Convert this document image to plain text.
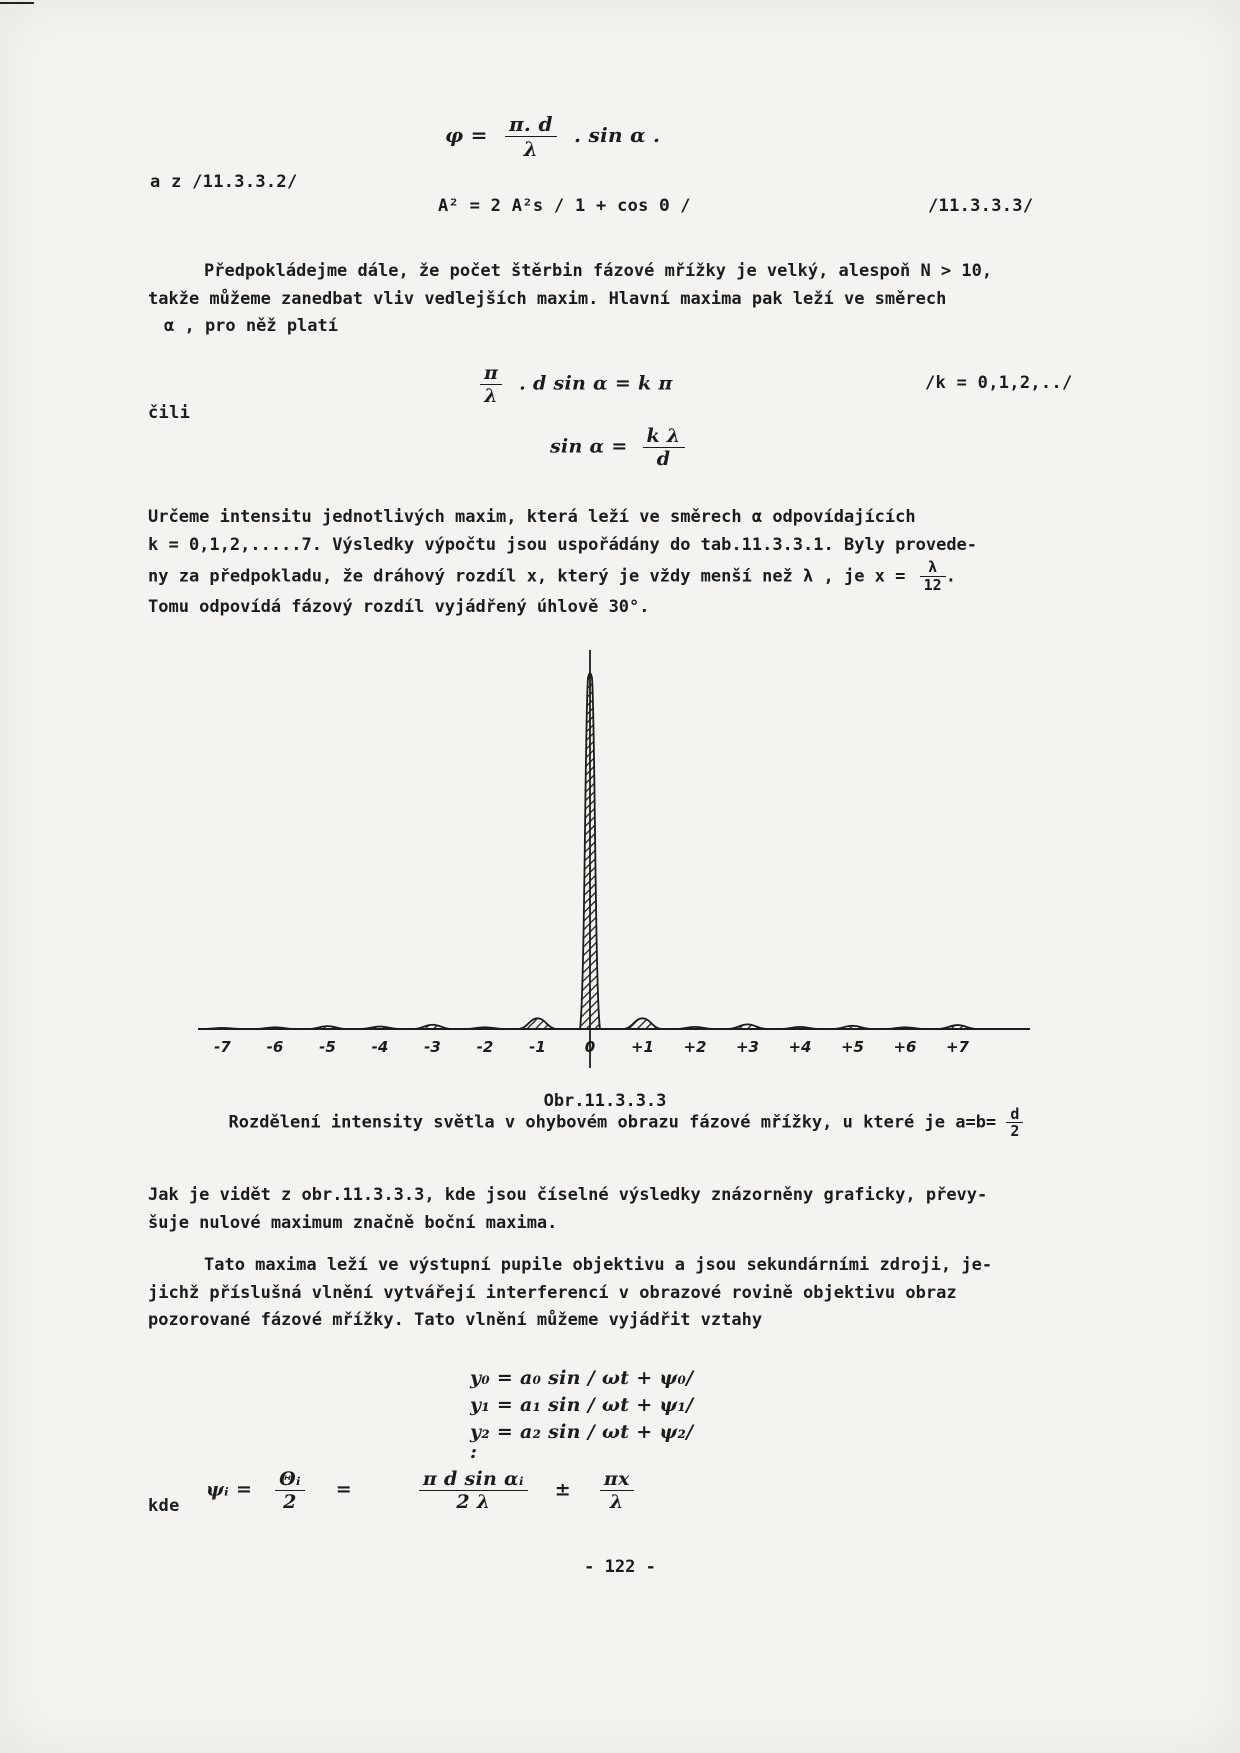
$\varphi = \frac{\pi. d}{\lambda}$ . sin α .
a z /11.3.3.2/
A² = 2 A²s / 1 + cos Θ /	/11.3.3.3/
Předpokládejme dále, že počet štěrbin fázové mřížky je velký, alespoň N > 10,
takže můžeme zanedbat vliv vedlejších maxim. Hlavní maxima pak leží ve směrech
α , pro něž platí
$\frac{\pi}{\lambda}$ . d sin α = k π	/k = 0,1,2,../
čili
$\sin \alpha = \frac{\text{k λ}}{d}$
Určeme intensitu jednotlivých maxim, která leží ve směrech α odpovídajících
k = 0,1,2,.....7. Výsledky výpočtu jsou uspořádány do tab.11.3.3.1. Byly provede-
ny za předpokladu, že dráhový rozdíl x, který je vždy menší než λ , je $x = \frac{\lambda}{12}$ .
Tomu odpovídá fázový rozdíl vyjádřený úhlově 30°.
-7 -6 -5 -4 -3 -2 -1	0 +1 +2 +3 +4 +5 +6 +7
Obr.11.3.3.3
Rozdělení intensity světla v ohybovém obrazu fázové mřížky, u které je $a=b= \frac{d}{2}$
Jak je vidět z obr.11.3.3.3, kde jsou číselné výsledky znázorněny graficky, převy-
šuje nulové maximum značně boční maxima.
Tato maxima leží ve výstupní pupile objektivu a jsou sekundárními zdroji, je-
jichž příslušná vlnění vytvářejí interferencí v obrazové rovině objektivu obraz
pozorované fázové mřížky. Tato vlnění můžeme vyjádřit vztahy
y₀ = a₀ sin / ωt + ψ₀/
y₁ = a₁ sin / ωt + ψ₁/
y₂ = a₂ sin / ωt + ψ₂/
:
kde
ψᵢ = $\frac{\text{Θᵢ}}{2}$ =	$\frac{\text{π d sin αᵢ}}{2 \lambda} \pm \frac{\pi x}{\lambda}$
- 122 -
